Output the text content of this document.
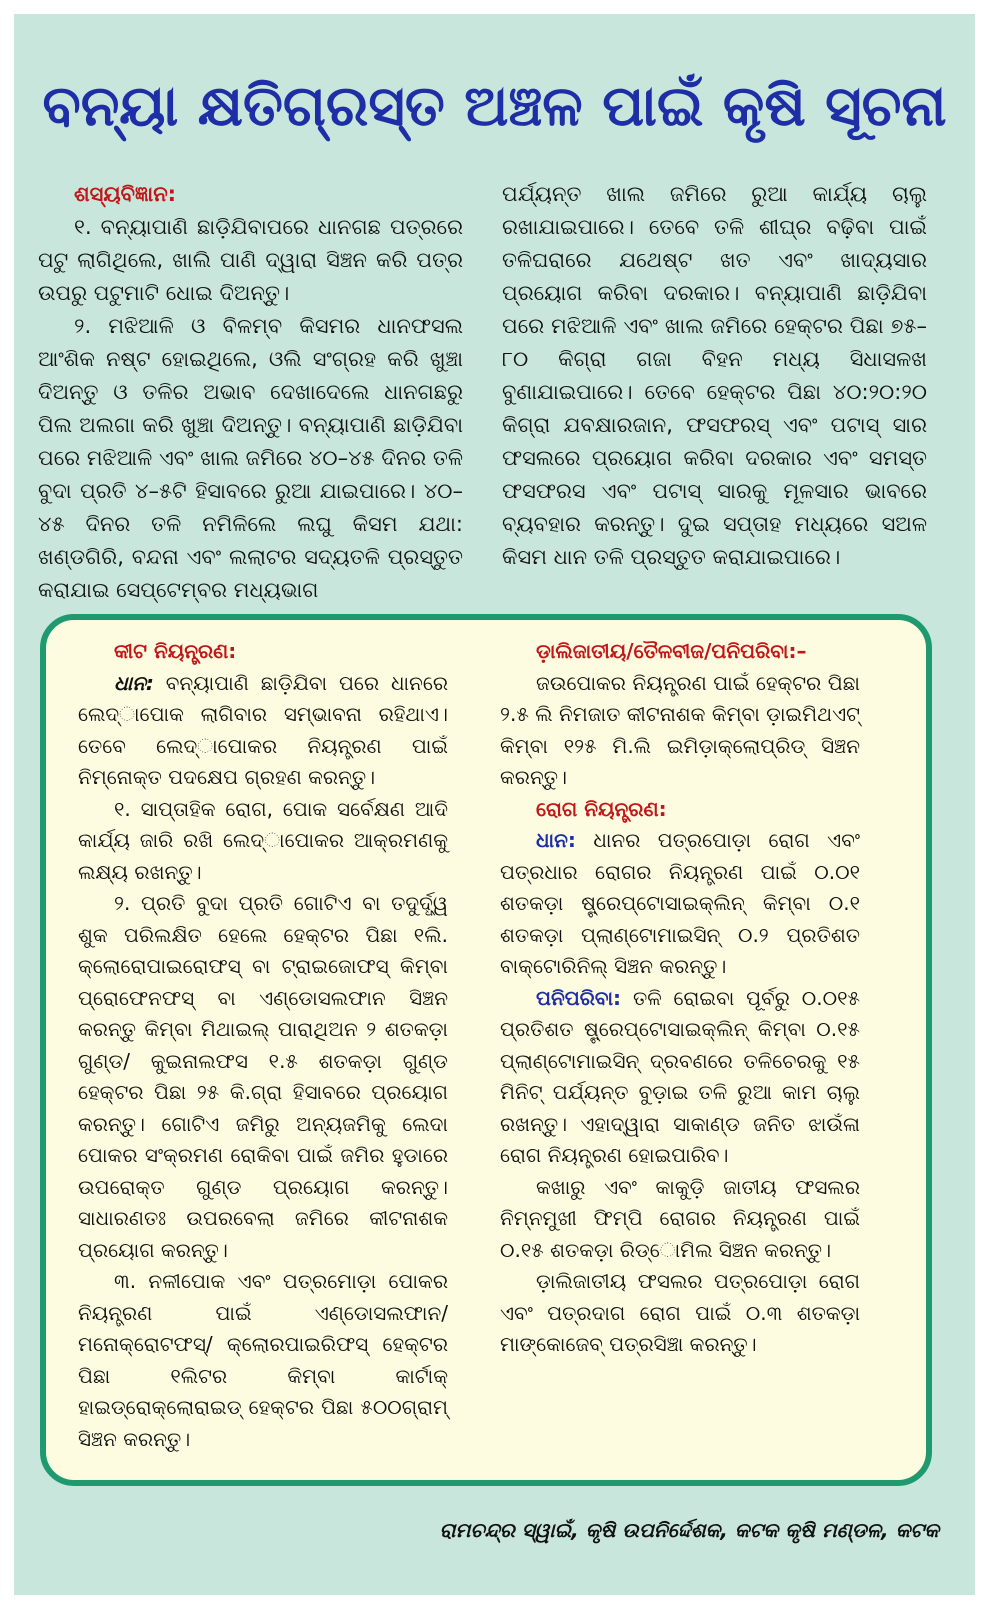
ବନ୍ୟା କ୍ଷତିଗ୍ରସ୍ତ ଅଞ୍ଚଳ ପାଇଁ କୃଷି ସୂଚନା

ଶସ୍ୟବିଜ୍ଞାନ:

୧. ବନ୍ୟାପାଣି ଛାଡ଼ିଯିବାପରେ ଧାନଗଛ ପତ୍ରରେ ପଟୁ ଲାଗିଥିଲେ, ଖାଲି ପାଣି ଦ୍ୱାରା ସିଞ୍ଚନ କରି ପତ୍ର ଉପରୁ ପଟୁମାଟି ଧୋଇ ଦିଅନ୍ତୁ।

୨. ମଝିଆଳି ଓ ବିଳମ୍ବ କିସମର ଧାନଫସଲ ଆଂଶିକ ନଷ୍ଟ ହୋଇଥିଲେ, ଓଲି ସଂଗ୍ରହ କରି ଖୁଞ୍ଚା ଦିଅନ୍ତୁ ଓ ତଳିର ଅଭାବ ଦେଖାଦେଲେ ଧାନଗଛରୁ ପିଲ ଅଲଗା କରି ଖୁଞ୍ଚା ଦିଅନ୍ତୁ। ବନ୍ୟାପାଣି ଛାଡ଼ିଯିବା ପରେ ମଝିଆଳି ଏବଂ ଖାଲ ଜମିରେ ୪୦–୪୫ ଦିନର ତଳି ବୁଦା ପ୍ରତି ୪–୫ଟି ହିସାବରେ ରୁଆ ଯାଇପାରେ। ୪୦–୪୫ ଦିନର ତଳି ନମିଳିଲେ ଲଘୁ କିସମ ଯଥା: ଖଣ୍ଡଗିରି, ବନ୍ଦନା ଏବଂ ଲଲାଟର ସଦ୍ୟତଳି ପ୍ରସ୍ତୁତ କରାଯାଇ ସେପ୍ଟେମ୍ବର ମଧ୍ୟଭାଗ

ପର୍ଯ୍ୟନ୍ତ ଖାଲ ଜମିରେ ରୁଆ କାର୍ଯ୍ୟ ଚାଲୁ ରଖାଯାଇପାରେ। ତେବେ ତଳି ଶୀଘ୍ର ବଢ଼ିବା ପାଇଁ ତଳିଘରାରେ ଯଥେଷ୍ଟ ଖତ ଏବଂ ଖାଦ୍ୟସାର ପ୍ରୟୋଗ କରିବା ଦରକାର। ବନ୍ୟାପାଣି ଛାଡ଼ିଯିବା ପରେ ମଝିଆଳି ଏବଂ ଖାଲ ଜମିରେ ହେକ୍ଟର ପିଛା ୭୫–୮୦ କିଗ୍ରା ଗଜା ବିହନ ମଧ୍ୟ ସିଧାସଳଖ ବୁଣାଯାଇପାରେ। ତେବେ ହେକ୍ଟର ପିଛା ୪୦:୨୦:୨୦ କିଗ୍ରା ଯବକ୍ଷାରଜାନ, ଫସଫରସ୍ ଏବଂ ପଟାସ୍ ସାର ଫସଲରେ ପ୍ରୟୋଗ କରିବା ଦରକାର ଏବଂ ସମସ୍ତ ଫସଫରସ ଏବଂ ପଟାସ୍ ସାରକୁ ମୂଳସାର ଭାବରେ ବ୍ୟବହାର କରନ୍ତୁ। ଦୁଇ ସପ୍ତାହ ମଧ୍ୟରେ ସଅଳ କିସମ ଧାନ ତଳି ପ୍ରସ୍ତୁତ କରାଯାଇପାରେ।

କୀଟ ନିୟନ୍ତ୍ରଣ:

ଧାନ: ବନ୍ୟାପାଣି ଛାଡ଼ିଯିବା ପରେ ଧାନରେ ଲେଦ୍ାପୋକ ଲାଗିବାର ସମ୍ଭାବନା ରହିଥାଏ। ତେବେ ଲେଦ୍ାପୋକର ନିୟନ୍ତ୍ରଣ ପାଇଁ ନିମ୍ନୋକ୍ତ ପଦକ୍ଷେପ ଗ୍ରହଣ କରନ୍ତୁ।

୧. ସାପ୍ତାହିକ ରୋଗ, ପୋକ ସର୍ବେକ୍ଷଣ ଆଦି କାର୍ଯ୍ୟ ଜାରି ରଖି ଲେଦ୍ାପୋକର ଆକ୍ରମଣକୁ ଲକ୍ଷ୍ୟ ରଖନ୍ତୁ।

୨. ପ୍ରତି ବୁଦା ପ୍ରତି ଗୋଟିଏ ବା ତଦୁର୍ଦ୍ଧ୍ୱ ଶୁକ ପରିଲକ୍ଷିତ ହେଲେ ହେକ୍ଟର ପିଛା ୧ଲି. କ୍ଲୋରୋପାଇରୋଫସ୍ ବା ଟ୍ରାଇଜୋଫସ୍ କିମ୍ବା ପ୍ରୋଫେନଫସ୍ ବା ଏଣ୍ଡୋସଲଫାନ ସିଞ୍ଚନ କରନ୍ତୁ କିମ୍ବା ମିଥାଇଲ୍ ପାରାଥିଅନ ୨ ଶତକଡ଼ା ଗୁଣ୍ଡ/ କୁଇନାଲଫସ ୧.୫ ଶତକଡ଼ା ଗୁଣ୍ଡ ହେକ୍ଟର ପିଛା ୨୫ କି.ଗ୍ରା ହିସାବରେ ପ୍ରୟୋଗ କରନ୍ତୁ। ଗୋଟିଏ ଜମିରୁ ଅନ୍ୟଜମିକୁ ଲେଦା ପୋକର ସଂକ୍ରମଣ ରୋକିବା ପାଇଁ ଜମିର ହୁଡାରେ ଉପରୋକ୍ତ ଗୁଣ୍ଡ ପ୍ରୟୋଗ କରନ୍ତୁ। ସାଧାରଣତଃ ଉପରବେଲା ଜମିରେ କୀଟନାଶକ ପ୍ରୟୋଗ କରନ୍ତୁ।

୩. ନଳୀପୋକ ଏବଂ ପତ୍ରମୋଡ଼ା ପୋକର ନିୟନ୍ତ୍ରଣ ପାଇଁ ଏଣ୍ଡୋସଲଫାନ/ ମନୋକ୍ରୋଟଫସ୍/ କ୍ଲୋରପାଇରିଫସ୍ ହେକ୍ଟର ପିଛା ୧ଲିଟର କିମ୍ବା କାର୍ଟାକ୍ ହାଇଡ୍ରୋକ୍ଲୋରାଇଡ୍ ହେକ୍ଟର ପିଛା ୫୦୦ଗ୍ରାମ୍ ସିଞ୍ଚନ କରନ୍ତୁ।

ଡ଼ାଲିଜାତୀୟ/ତୈଳବୀଜ/ପନିପରିବା:–

ଜଉପୋକର ନିୟନ୍ତ୍ରଣ ପାଇଁ ହେକ୍ଟର ପିଛା ୨.୫ ଲି ନିମଜାତ କୀଟନାଶକ କିମ୍ବା ଡ଼ାଇମିଥଏଟ୍ କିମ୍ବା ୧୨୫ ମି.ଲି ଇମିଡ଼ାକ୍ଲୋପ୍ରିଡ୍ ସିଞ୍ଚନ କରନ୍ତୁ।

ରୋଗ ନିୟନ୍ତ୍ରଣ:

ଧାନ: ଧାନର ପତ୍ରପୋଡ଼ା ରୋଗ ଏବଂ ପତ୍ରଧାର ରୋଗର ନିୟନ୍ତ୍ରଣ ପାଇଁ ୦.୦୧ ଶତକଡ଼ା ଷ୍ଟ୍ରେପ୍ଟୋସାଇକ୍ଲିନ୍ କିମ୍ବା ୦.୧ ଶତକଡ଼ା ପ୍ଲାଣ୍ଟୋମାଇସିନ୍ ୦.୨ ପ୍ରତିଶତ ବାକ୍ଟୋରିନିଲ୍ ସିଞ୍ଚନ କରନ୍ତୁ।

ପନିପରିବା: ତଳି ରୋଇବା ପୂର୍ବରୁ ୦.୦୧୫ ପ୍ରତିଶତ ଷ୍ଟ୍ରେପ୍ଟୋସାଇକ୍ଲିନ୍ କିମ୍ବା ୦.୧୫ ପ୍ଲାଣ୍ଟୋମାଇସିନ୍ ଦ୍ରବଣରେ ତଳିଚେରକୁ ୧୫ ମିନିଟ୍ ପର୍ଯ୍ୟନ୍ତ ବୁଡ଼ାଇ ତଳି ରୁଆ କାମ ଚାଲୁ ରଖନ୍ତୁ। ଏହାଦ୍ୱାରା ସାକାଣ୍ଡ ଜନିତ ଝାଉଁଳା ରୋଗ ନିୟନ୍ତ୍ରଣ ହୋଇପାରିବ।

କଖାରୁ ଏବଂ କାକୁଡ଼ି ଜାତୀୟ ଫସଲର ନିମ୍ନମୁଖୀ ଫିମ୍ପି ରୋଗର ନିୟନ୍ତ୍ରଣ ପାଇଁ ୦.୧୫ ଶତକଡ଼ା ରିଡ୍ୋମିଲ ସିଞ୍ଚନ କରନ୍ତୁ।

ଡ଼ାଲିଜାତୀୟ ଫସଲର ପତ୍ରପୋଡ଼ା ରୋଗ ଏବଂ ପତ୍ରଦାଗ ରୋଗ ପାଇଁ ୦.୩ ଶତକଡ଼ା ମାଙ୍କୋଜେବ୍ ପତ୍ରସିଞ୍ଚା କରନ୍ତୁ।

ରାମଚନ୍ଦ୍ର ସ୍ୱାଇଁ, କୃଷି ଉପନିର୍ଦ୍ଦେଶକ, କଟକ କୃଷି ମଣ୍ଡଳ, କଟକ
